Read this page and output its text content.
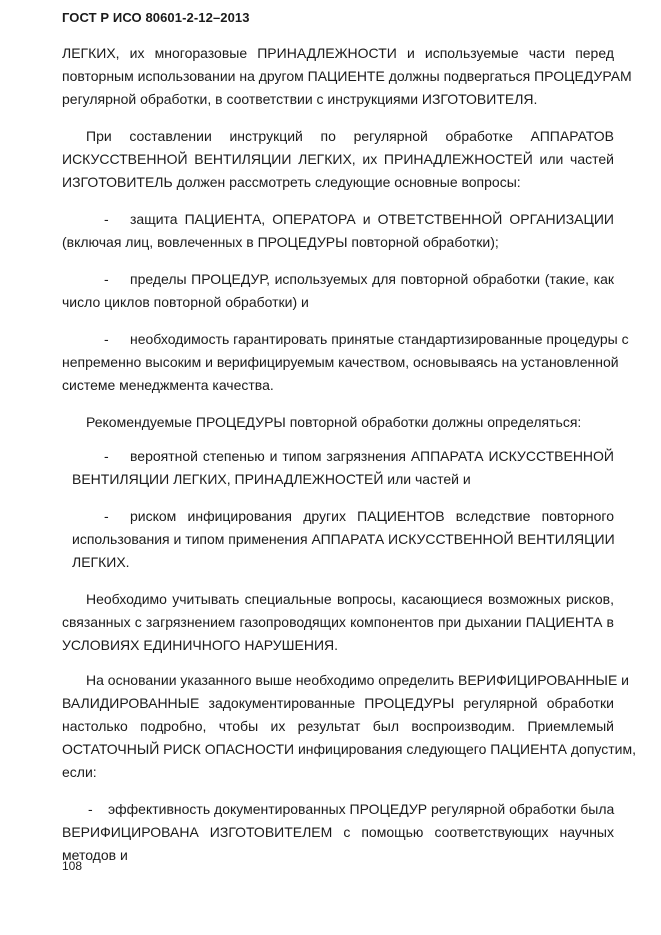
ГОСТ Р ИСО 80601-2-12–2013
ЛЕГКИХ, их многоразовые ПРИНАДЛЕЖНОСТИ и используемые части перед
повторным использовании на другом ПАЦИЕНТЕ должны подвергаться ПРОЦЕДУРАМ
регулярной обработки, в соответствии с инструкциями ИЗГОТОВИТЕЛЯ.
При составлении инструкций по регулярной обработке АППАРАТОВ
ИСКУССТВЕННОЙ ВЕНТИЛЯЦИИ ЛЕГКИХ, их ПРИНАДЛЕЖНОСТЕЙ или частей
ИЗГОТОВИТЕЛЬ должен рассмотреть следующие основные вопросы:
- защита ПАЦИЕНТА, ОПЕРАТОРА и ОТВЕТСТВЕННОЙ ОРГАНИЗАЦИИ
(включая лиц, вовлеченных в ПРОЦЕДУРЫ повторной обработки);
- пределы ПРОЦЕДУР, используемых для повторной обработки (такие, как
число циклов повторной обработки) и
- необходимость гарантировать принятые стандартизированные процедуры с
непременно высоким и верифицируемым качеством, основываясь на установленной
системе менеджмента качества.
Рекомендуемые ПРОЦЕДУРЫ повторной обработки должны определяться:
- вероятной степенью и типом загрязнения АППАРАТА ИСКУССТВЕННОЙ
ВЕНТИЛЯЦИИ ЛЕГКИХ, ПРИНАДЛЕЖНОСТЕЙ или частей и
- риском инфицирования других ПАЦИЕНТОВ вследствие повторного
использования и типом применения АППАРАТА ИСКУССТВЕННОЙ ВЕНТИЛЯЦИИ
ЛЕГКИХ.
Необходимо учитывать специальные вопросы, касающиеся возможных рисков,
связанных с загрязнением газопроводящих компонентов при дыхании ПАЦИЕНТА в
УСЛОВИЯХ ЕДИНИЧНОГО НАРУШЕНИЯ.
На основании указанного выше необходимо определить ВЕРИФИЦИРОВАННЫЕ и
ВАЛИДИРОВАННЫЕ задокументированные ПРОЦЕДУРЫ регулярной обработки
настолько подробно, чтобы их результат был воспроизводим. Приемлемый
ОСТАТОЧНЫЙ РИСК ОПАСНОСТИ инфицирования следующего ПАЦИЕНТА допустим,
если:
- эффективность документированных ПРОЦЕДУР регулярной обработки была
ВЕРИФИЦИРОВАНА ИЗГОТОВИТЕЛЕМ с помощью соответствующих научных
методов и
108
